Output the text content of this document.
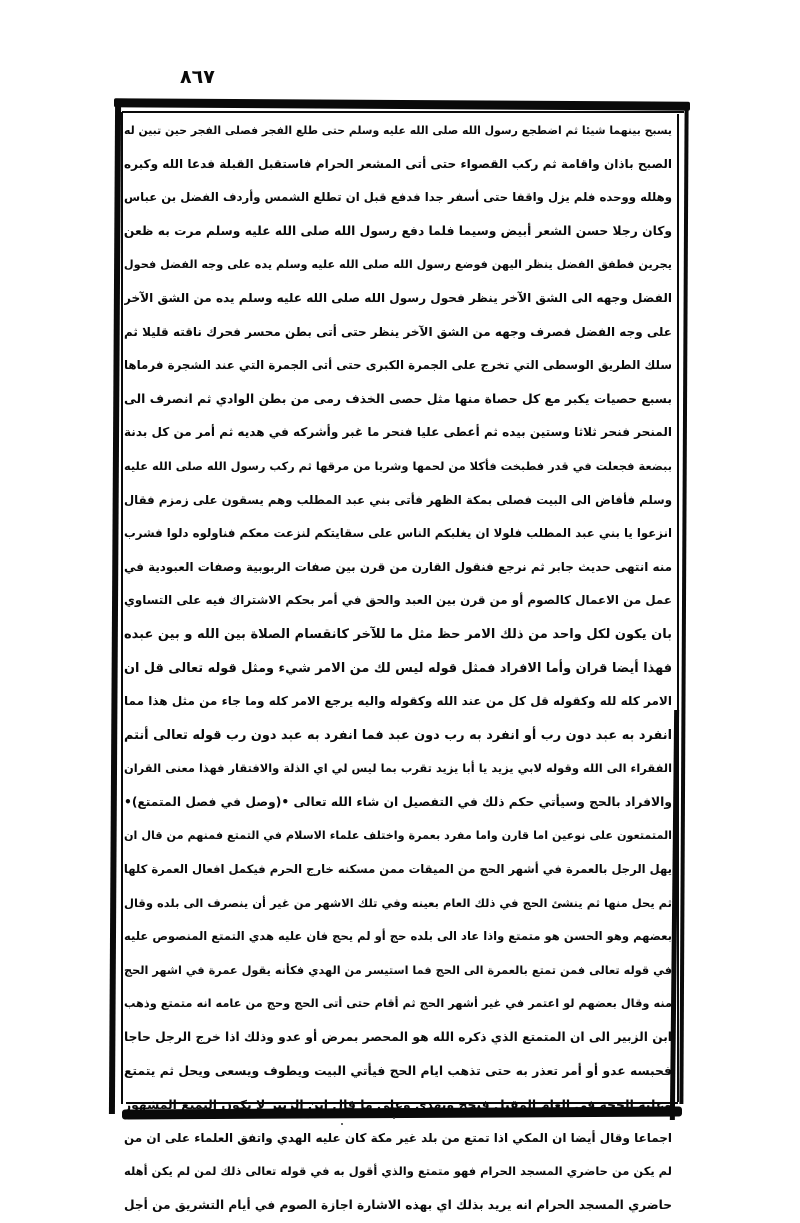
٨٦٧
يسبح بينهما شيئا ثم اضطجع رسول الله صلى الله عليه وسلم حتى طلع الفجر فصلى الفجر حين تبين له
الصبح باذان واقامة ثم ركب القصواء حتى أتى المشعر الحرام فاستقبل القبلة فدعا الله وكبره
وهلله ووحده فلم يزل واقفا حتى أسفر جدا فدفع قبل ان تطلع الشمس وأردف الفضل بن عباس
وكان رجلا حسن الشعر أبيض وسيما فلما دفع رسول الله صلى الله عليه وسلم مرت به ظعن
يجرين فطفق الفضل ينظر اليهن فوضع رسول الله صلى الله عليه وسلم يده على وجه الفضل فحول
الفضل وجهه الى الشق الآخر ينظر فحول رسول الله صلى الله عليه وسلم يده من الشق الآخر
على وجه الفضل فصرف وجهه من الشق الآخر ينظر حتى أتى بطن محسر فحرك ناقته قليلا ثم
سلك الطريق الوسطى التي تخرج على الجمرة الكبرى حتى أتى الجمرة التي عند الشجرة فرماها
بسبع حصيات يكبر مع كل حصاة منها مثل حصى الخذف رمى من بطن الوادي ثم انصرف الى
المنحر فنحر ثلاثا وستين بيده ثم أعطى عليا فنحر ما غبر وأشركه في هديه ثم أمر من كل بدنة
ببضعة فجعلت في قدر فطبخت فأكلا من لحمها وشربا من مرقها ثم ركب رسول الله صلى الله عليه
وسلم فأفاض الى البيت فصلى بمكة الظهر فأتى بني عبد المطلب وهم يسقون على زمزم فقال
انزعوا يا بني عبد المطلب فلولا ان يغلبكم الناس على سقايتكم لنزعت معكم فناولوه دلوا فشرب
منه انتهى حديث جابر ثم نرجع فنقول القارن من قرن بين صفات الربوبية وصفات العبودية في
عمل من الاعمال كالصوم أو من قرن بين العبد والحق في أمر بحكم الاشتراك فيه على التساوي
بان يكون لكل واحد من ذلك الامر حظ مثل ما للآخر كانقسام الصلاة بين الله و بين عبده
فهذا أيضا قران وأما الافراد فمثل قوله ليس لك من الامر شيء ومثل قوله تعالى قل ان
الامر كله لله وكقوله قل كل من عند الله وكقوله واليه يرجع الامر كله وما جاء من مثل هذا مما
انفرد به عبد دون رب أو انفرد به رب دون عبد فما انفرد به عبد دون رب قوله تعالى أنتم
الفقراء الى الله وقوله لابي يزيد يا أبا يزيد تقرب بما ليس لي اي الذلة والافتقار فهذا معنى القران
والافراد بالحج وسيأتي حكم ذلك في التفصيل ان شاء الله تعالى •(وصل في فصل المتمتع)•
المتمتعون على نوعين اما قارن واما مفرد بعمرة واختلف علماء الاسلام في التمتع فمنهم من قال ان
يهل الرجل بالعمرة في أشهر الحج من الميقات ممن مسكنه خارج الحرم فيكمل افعال العمرة كلها
ثم يحل منها ثم ينشئ الحج في ذلك العام بعينه وفي تلك الاشهر من غير أن ينصرف الى بلده وقال
بعضهم وهو الحسن هو متمتع واذا عاد الى بلده حج أو لم يحج فان عليه هدي التمتع المنصوص عليه
في قوله تعالى فمن تمتع بالعمرة الى الحج فما استيسر من الهدي فكأنه يقول عمرة في اشهر الحج
منه وقال بعضهم لو اعتمر في غير أشهر الحج ثم أقام حتى أتى الحج وحج من عامه انه متمتع وذهب
ابن الزبير الى ان المتمتع الذي ذكره الله هو المحصر بمرض أو عدو وذلك اذا خرج الرجل حاجا
فحبسه عدو أو أمر تعذر به حتى تذهب ايام الحج فيأتي البيت ويطوف ويسعى ويحل ثم يتمتع
وعليه الحجة في العام المقبل فيحج ويهدي وعلى ما قال ابن الزبير لا يكون التمتع المشهور
اجماعا وقال أيضا ان المكي اذا تمتع من بلد غير مكة كان عليه الهدي واتفق العلماء على ان من
لم يكن من حاضري المسجد الحرام فهو متمتع والذي أقول به في قوله تعالى ذلك لمن لم يكن أهله
حاضري المسجد الحرام انه يريد بذلك اي بهذه الاشارة اجازة الصوم في أيام التشريق من أجل
